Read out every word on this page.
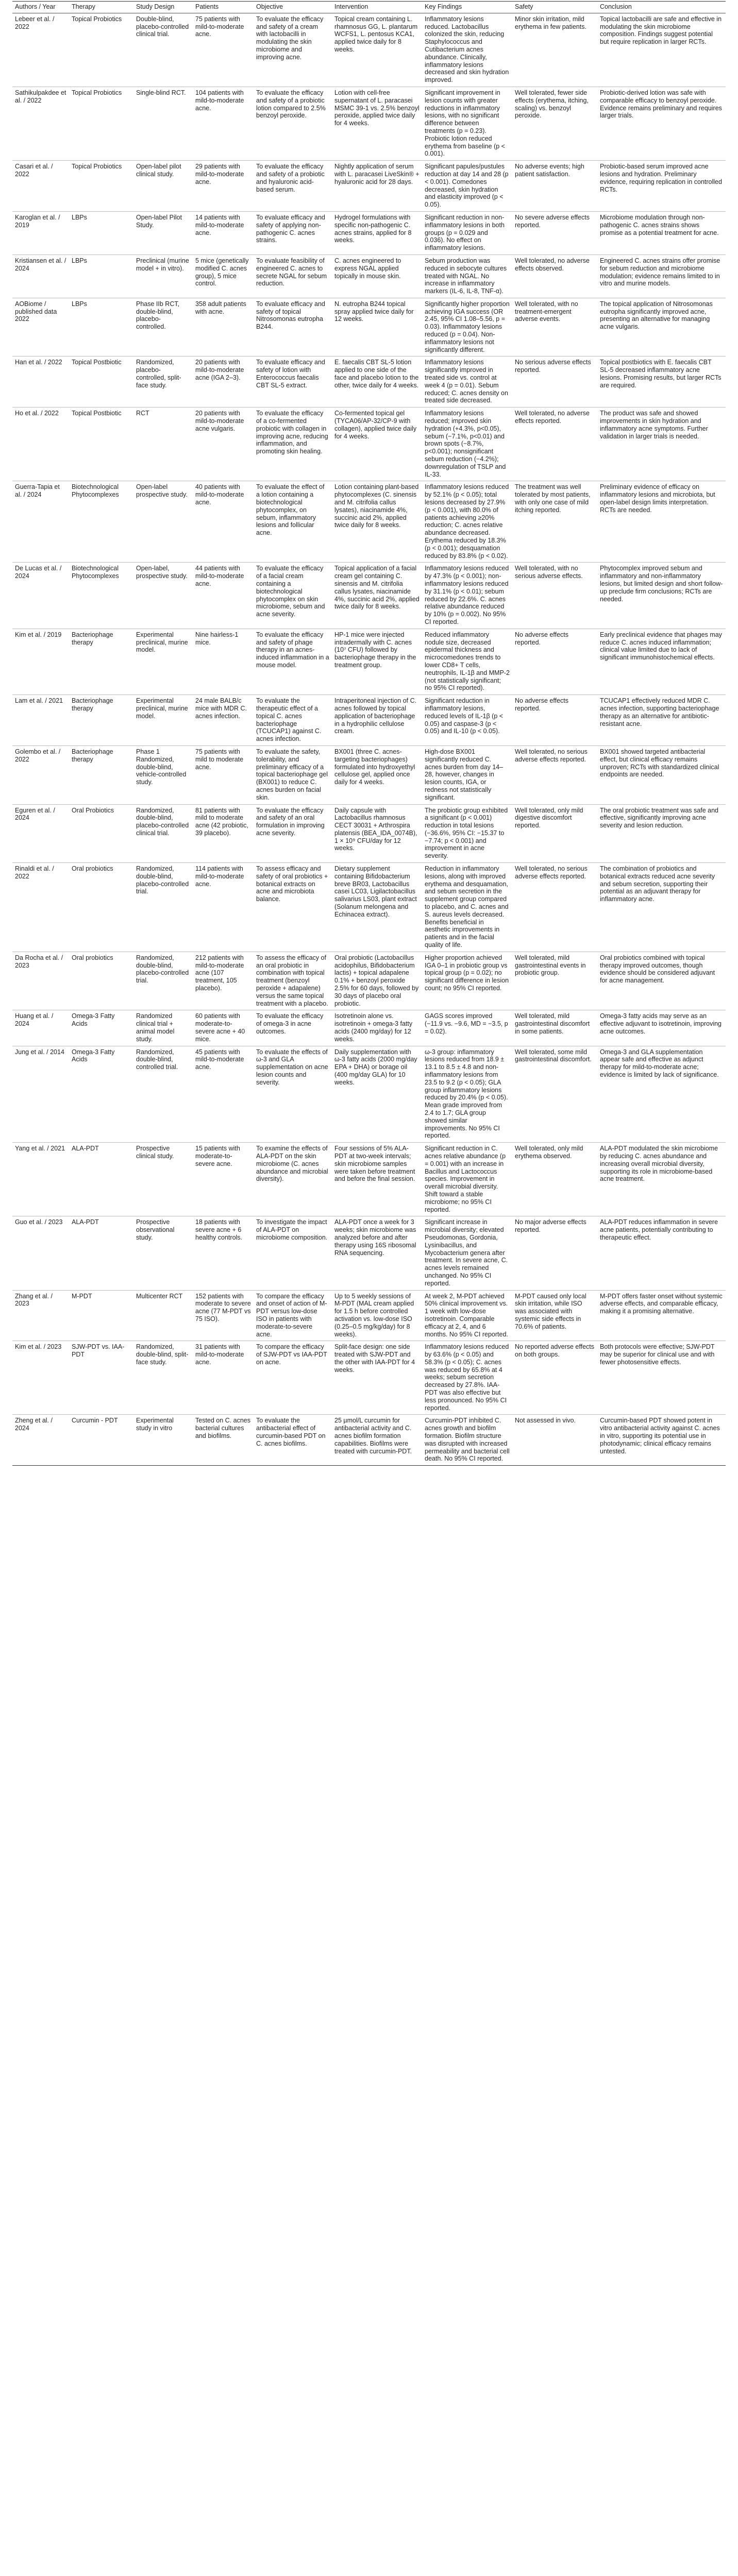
Authors / Year	Therapy	Study Design	Patients	Objective	Intervention	Key Findings	Safety	Conclusion
Lebeer et al. / 2022	Topical Probiotics	Double-blind, placebo-controlled clinical trial.	75 patients with mild-to-moderate acne.	To evaluate the efficacy and safety of a cream with lactobacilli in modulating the skin microbiome and improving acne.	Topical cream containing L. rhamnosus GG, L. plantarum WCFS1, L. pentosus KCA1, applied twice daily for 8 weeks.	Inflammatory lesions reduced. Lactobacillus colonized the skin, reducing Staphylococcus and Cutibacterium acnes abundance. Clinically, inflammatory lesions decreased and skin hydration improved.	Minor skin irritation, mild erythema in few patients.	Topical lactobacilli are safe and effective in modulating the skin microbiome composition. Findings suggest potential but require replication in larger RCTs.
Sathikulpakdee et al. / 2022	Topical Probiotics	Single-blind RCT.	104 patients with mild-to-moderate acne.	To evaluate the efficacy and safety of a probiotic lotion compared to 2.5% benzoyl peroxide.	Lotion with cell-free supernatant of L. paracasei MSMC 39-1 vs. 2.5% benzoyl peroxide, applied twice daily for 4 weeks.	Significant improvement in lesion counts with greater reductions in inflammatory lesions, with no significant difference between treatments (p = 0.23). Probiotic lotion reduced erythema from baseline (p < 0.001).	Well tolerated, fewer side effects (erythema, itching, scaling) vs. benzoyl peroxide.	Probiotic-derived lotion was safe with comparable efficacy to benzoyl peroxide. Evidence remains preliminary and requires larger trials.
Casari et al. / 2022	Topical Probiotics	Open-label pilot clinical study.	29 patients with mild-to-moderate acne.	To evaluate the efficacy and safety of a probiotic and hyaluronic acid-based serum.	Nightly application of serum with L. paracasei LiveSkin® + hyaluronic acid for 28 days.	Significant papules/pustules reduction at day 14 and 28 (p < 0.001). Comedones decreased, skin hydration and elasticity improved (p < 0.05).	No adverse events; high patient satisfaction.	Probiotic-based serum improved acne lesions and hydration. Preliminary evidence, requiring replication in controlled RCTs.
Karoglan et al. / 2019	LBPs	Open-label Pilot Study.	14 patients with mild-to-moderate acne.	To evaluate efficacy and safety of applying non-pathogenic C. acnes strains.	Hydrogel formulations with specific non-pathogenic C. acnes strains, applied for 8 weeks.	Significant reduction in non-inflammatory lesions in both groups (p = 0.029 and 0.036). No effect on inflammatory lesions.	No severe adverse effects reported.	Microbiome modulation through non-pathogenic C. acnes strains shows promise as a potential treatment for acne.
Kristiansen et al. / 2024	LBPs	Preclinical (murine model + in vitro).	5 mice (genetically modified C. acnes group), 5 mice control.	To evaluate feasibility of engineered C. acnes to secrete NGAL for sebum reduction.	C. acnes engineered to express NGAL applied topically in mouse skin.	Sebum production was reduced in sebocyte cultures treated with NGAL. No increase in inflammatory markers (IL-6, IL-8, TNF-α).	Well tolerated, no adverse effects observed.	Engineered C. acnes strains offer promise for sebum reduction and microbiome modulation; evidence remains limited to in vitro and murine models.
AOBiome / published data 2022	LBPs	Phase IIb RCT, double-blind, placebo-controlled.	358 adult patients with acne.	To evaluate efficacy and safety of topical Nitrosomonas eutropha B244.	N. eutropha B244 topical spray applied twice daily for 12 weeks.	Significantly higher proportion achieving IGA success (OR 2.45, 95% CI 1.08–5.56, p = 0.03). Inflammatory lesions reduced (p = 0.04). Non-inflammatory lesions not significantly different.	Well tolerated, with no treatment-emergent adverse events.	The topical application of Nitrosomonas eutropha significantly improved acne, presenting an alternative for managing acne vulgaris.
Han et al. / 2022	Topical Postbiotic	Randomized, placebo-controlled, split-face study.	20 patients with mild-to-moderate acne (IGA 2–3).	To evaluate efficacy and safety of lotion with Enterococcus faecalis CBT SL-5 extract.	E. faecalis CBT SL-5 lotion applied to one side of the face and placebo lotion to the other, twice daily for 4 weeks.	Inflammatory lesions significantly improved in treated side vs. control at week 4 (p = 0.01). Sebum reduced; C. acnes density on treated side decreased.	No serious adverse effects reported.	Topical postbiotics with E. faecalis CBT SL-5 decreased inflammatory acne lesions. Promising results, but larger RCTs are required.
Ho et al. / 2022	Topical Postbiotic	RCT	20 patients with mild-to-moderate acne vulgaris.	To evaluate the efficacy of a co-fermented probiotic with collagen in improving acne, reducing inflammation, and promoting skin healing.	Co-fermented topical gel (TYCA06/AP-32/CP-9 with collagen), applied twice daily for 4 weeks.	Inflammatory lesions reduced; improved skin hydration (+4.3%, p<0.05), sebum (−7.1%, p<0.01) and brown spots (−8.7%, p<0.001); nonsignificant sebum reduction (−4.2%); downregulation of TSLP and IL-33.	Well tolerated, no adverse effects reported.	The product was safe and showed improvements in skin hydration and inflammatory acne symptoms. Further validation in larger trials is needed.
Guerra-Tapia et al. / 2024	Biotechnological Phytocomplexes	Open-label prospective study.	40 patients with mild-to-moderate acne.	To evaluate the effect of a lotion containing a biotechnological phytocomplex, on sebum, inflammatory lesions and follicular acne.	Lotion containing plant-based phytocomplexes (C. sinensis and M. citrifolia callus lysates), niacinamide 4%, succinic acid 2%, applied twice daily for 8 weeks.	Inflammatory lesions reduced by 52.1% (p < 0.05); total lesions decreased by 27.9% (p < 0.001), with 80.0% of patients achieving ≥20% reduction; C. acnes relative abundance decreased. Erythema reduced by 18.3% (p < 0.001); desquamation reduced by 83.8% (p < 0.02).	The treatment was well tolerated by most patients, with only one case of mild itching reported.	Preliminary evidence of efficacy on inflammatory lesions and microbiota, but open-label design limits interpretation. RCTs are needed.
De Lucas et al. / 2024	Biotechnological Phytocomplexes	Open-label, prospective study.	44 patients with mild-to-moderate acne.	To evaluate the efficacy of a facial cream containing a biotechnological phytocomplex on skin microbiome, sebum and acne severity.	Topical application of a facial cream gel containing C. sinensis and M. citrifolia callus lysates, niacinamide 4%, succinic acid 2%, applied twice daily for 8 weeks.	Inflammatory lesions reduced by 47.3% (p < 0.001); non-inflammatory lesions reduced by 31.1% (p < 0.01); sebum reduced by 22.6%. C. acnes relative abundance reduced by 10% (p = 0.002). No 95% CI reported.	Well tolerated, with no serious adverse effects.	Phytocomplex improved sebum and inflammatory and non-inflammatory lesions, but limited design and short follow-up preclude firm conclusions; RCTs are needed.
Kim et al. / 2019	Bacteriophage therapy	Experimental preclinical, murine model.	Nine hairless-1 mice.	To evaluate the efficacy and safety of phage therapy in an acnes-induced inflammation in a mouse model.	HP-1 mice were injected intradermally with C. acnes (10⁷ CFU) followed by bacteriophage therapy in the treatment group.	Reduced inflammatory nodule size, decreased epidermal thickness and microcomedones trends to lower CD8+ T cells, neutrophils, IL-1β and MMP-2 (not statistically significant; no 95% CI reported).	No adverse effects reported.	Early preclinical evidence that phages may reduce C. acnes induced inflammation; clinical value limited due to lack of significant immunohistochemical effects.
Lam et al. / 2021	Bacteriophage therapy	Experimental preclinical, murine model.	24 male BALB/c mice with MDR C. acnes infection.	To evaluate the therapeutic effect of a topical C. acnes bacteriophage (TCUCAP1) against C. acnes infection.	Intraperitoneal injection of C. acnes followed by topical application of bacteriophage in a hydrophilic cellulose cream.	Significant reduction in inflammatory lesions, reduced levels of IL-1β (p < 0.05) and caspase-3 (p < 0.05) and IL-10 (p < 0.05).	No adverse effects reported.	TCUCAP1 effectively reduced MDR C. acnes infection, supporting bacteriophage therapy as an alternative for antibiotic-resistant acne.
Golembo et al. / 2022	Bacteriophage therapy	Phase 1 Randomized, double-blind, vehicle-controlled study.	75 patients with mild to moderate acne.	To evaluate the safety, tolerability, and preliminary efficacy of a topical bacteriophage gel (BX001) to reduce C. acnes burden on facial skin.	BX001 (three C. acnes-targeting bacteriophages) formulated into hydroxyethyl cellulose gel, applied once daily for 4 weeks.	High-dose BX001 significantly reduced C. acnes burden from day 14–28, however, changes in lesion counts, IGA, or redness not statistically significant.	Well tolerated, no serious adverse effects reported.	BX001 showed targeted antibacterial effect, but clinical efficacy remains unproven; RCTs with standardized clinical endpoints are needed.
Eguren et al. / 2024	Oral Probiotics	Randomized, double-blind, placebo-controlled clinical trial.	81 patients with mild to moderate acne (42 probiotic, 39 placebo).	To evaluate the efficacy and safety of an oral formulation in improving acne severity.	Daily capsule with Lactobacillus rhamnosus CECT 30031 + Arthrospira platensis (BEA_IDA_0074B), 1 × 10⁹ CFU/day for 12 weeks.	The probiotic group exhibited a significant (p < 0.001) reduction in total lesions (−36.6%, 95% CI: −15.37 to −7.74; p < 0.001) and improvement in acne severity.	Well tolerated, only mild digestive discomfort reported.	The oral probiotic treatment was safe and effective, significantly improving acne severity and lesion reduction.
Rinaldi et al. / 2022	Oral probiotics	Randomized, double-blind, placebo-controlled trial.	114 patients with mild-to-moderate acne.	To assess efficacy and safety of oral probiotics + botanical extracts on acne and microbiota balance.	Dietary supplement containing Bifidobacterium breve BR03, Lactobacillus casei LC03, Ligilactobacillus salivarius LS03, plant extract (Solanum melongena and Echinacea extract).	Reduction in inflammatory lesions, along with improved erythema and desquamation, and sebum secretion in the supplement group compared to placebo, and C. acnes and S. aureus levels decreased. Benefits beneficial in aesthetic improvements in patients and in the facial quality of life.	Well tolerated, no serious adverse effects reported.	The combination of probiotics and botanical extracts reduced acne severity and sebum secretion, supporting their potential as an adjuvant therapy for inflammatory acne.
Da Rocha et al. / 2023	Oral probiotics	Randomized, double-blind, placebo-controlled trial.	212 patients with mild-to-moderate acne (107 treatment, 105 placebo).	To assess the efficacy of an oral probiotic in combination with topical treatment (benzoyl peroxide + adapalene) versus the same topical treatment with a placebo.	Oral probiotic (Lactobacillus acidophilus, Bifidobacterium lactis) + topical adapalene 0.1% + benzoyl peroxide 2.5% for 60 days, followed by 30 days of placebo oral probiotic.	Higher proportion achieved IGA 0–1 in probiotic group vs topical group (p = 0.02); no significant difference in lesion count; no 95% CI reported.	Well tolerated, mild gastrointestinal events in probiotic group.	Oral probiotics combined with topical therapy improved outcomes, though evidence should be considered adjuvant for acne management.
Huang et al. / 2024	Omega-3 Fatty Acids	Randomized clinical trial + animal model study.	60 patients with moderate-to-severe acne + 40 mice.	To evaluate the efficacy of omega-3 in acne outcomes.	Isotretinoin alone vs. isotretinoin + omega-3 fatty acids (2400 mg/day) for 12 weeks.	GAGS scores improved (−11.9 vs. −9.6, MD = −3.5, p = 0.02).	Well tolerated, mild gastrointestinal discomfort in some patients.	Omega-3 fatty acids may serve as an effective adjuvant to isotretinoin, improving acne outcomes.
Jung et al. / 2014	Omega-3 Fatty Acids	Randomized, double-blind, controlled trial.	45 patients with mild-to-moderate acne.	To evaluate the effects of ω-3 and GLA supplementation on acne lesion counts and severity.	Daily supplementation with ω-3 fatty acids (2000 mg/day EPA + DHA) or borage oil (400 mg/day GLA) for 10 weeks.	ω-3 group: inflammatory lesions reduced from 18.9 ± 13.1 to 8.5 ± 4.8 and non-inflammatory lesions from 23.5 to 9.2 (p < 0.05); GLA group inflammatory lesions reduced by 20.4% (p < 0.05). Mean grade improved from 2.4 to 1.7; GLA group showed similar improvements. No 95% CI reported.	Well tolerated, some mild gastrointestinal discomfort.	Omega-3 and GLA supplementation appear safe and effective as adjunct therapy for mild-to-moderate acne; evidence is limited by lack of significance.
Yang et al. / 2021	ALA-PDT	Prospective clinical study.	15 patients with moderate-to-severe acne.	To examine the effects of ALA-PDT on the skin microbiome (C. acnes abundance and microbial diversity).	Four sessions of 5% ALA-PDT at two-week intervals; skin microbiome samples were taken before treatment and before the final session.	Significant reduction in C. acnes relative abundance (p = 0.001) with an increase in Bacillus and Lactococcus species. Improvement in overall microbial diversity. Shift toward a stable microbiome; no 95% CI reported.	Well tolerated, only mild erythema observed.	ALA-PDT modulated the skin microbiome by reducing C. acnes abundance and increasing overall microbial diversity, supporting its role in microbiome-based acne treatment.
Guo et al. / 2023	ALA-PDT	Prospective observational study.	18 patients with severe acne + 6 healthy controls.	To investigate the impact of ALA-PDT on microbiome composition.	ALA-PDT once a week for 3 weeks; skin microbiome was analyzed before and after therapy using 16S ribosomal RNA sequencing.	Significant increase in microbial diversity; elevated Pseudomonas, Gordonia, Lysinibacillus, and Mycobacterium genera after treatment. In severe acne, C. acnes levels remained unchanged. No 95% CI reported.	No major adverse effects reported.	ALA-PDT reduces inflammation in severe acne patients, potentially contributing to therapeutic effect.
Zhang et al. / 2023	M-PDT	Multicenter RCT	152 patients with moderate to severe acne (77 M-PDT vs 75 ISO).	To compare the efficacy and onset of action of M-PDT versus low-dose ISO in patients with moderate-to-severe acne.	Up to 5 weekly sessions of M-PDT (MAL cream applied for 1.5 h before controlled activation vs. low-dose ISO (0.25–0.5 mg/kg/day) for 8 weeks).	At week 2, M-PDT achieved 50% clinical improvement vs. 1 week with low-dose isotretinoin. Comparable efficacy at 2, 4, and 6 months. No 95% CI reported.	M-PDT caused only local skin irritation, while ISO was associated with systemic side effects in 70.6% of patients.	M-PDT offers faster onset without systemic adverse effects, and comparable efficacy, making it a promising alternative.
Kim et al. / 2023	SJW-PDT vs. IAA-PDT	Randomized, double-blind, split-face study.	31 patients with mild-to-moderate acne.	To compare the efficacy of SJW-PDT vs IAA-PDT on acne.	Split-face design: one side treated with SJW-PDT and the other with IAA-PDT for 4 weeks.	Inflammatory lesions reduced by 63.6% (p < 0.05) and 58.3% (p < 0.05); C. acnes was reduced by 65.8% at 4 weeks; sebum secretion decreased by 27.8%. IAA-PDT was also effective but less pronounced. No 95% CI reported.	No reported adverse effects on both groups.	Both protocols were effective; SJW-PDT may be superior for clinical use and with fewer photosensitive effects.
Zheng et al. / 2024	Curcumin - PDT	Experimental study in vitro	Tested on C. acnes bacterial cultures and biofilms.	To evaluate the antibacterial effect of curcumin-based PDT on C. acnes biofilms.	25 µmol/L curcumin for antibacterial activity and C. acnes biofilm formation capabilities. Biofilms were treated with curcumin-PDT.	Curcumin-PDT inhibited C. acnes growth and biofilm formation. Biofilm structure was disrupted with increased permeability and bacterial cell death. No 95% CI reported.	Not assessed in vivo.	Curcumin-based PDT showed potent in vitro antibacterial activity against C. acnes in vitro, supporting its potential use in photodynamic; clinical efficacy remains untested.
